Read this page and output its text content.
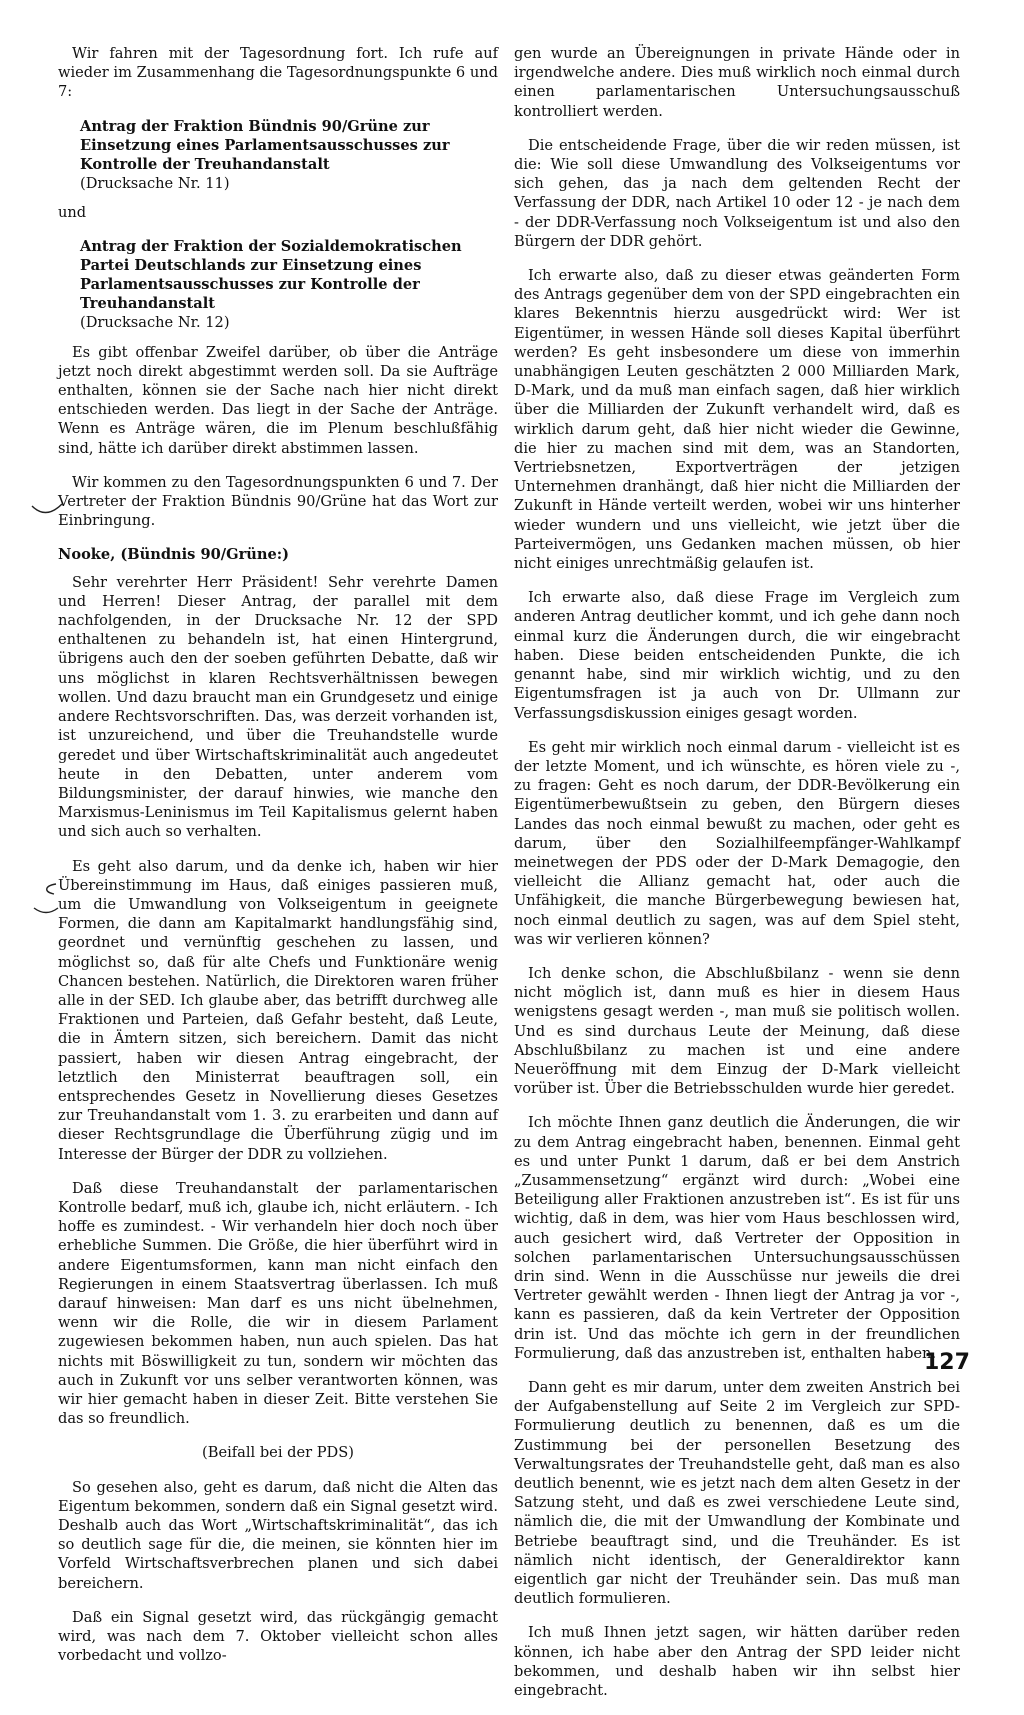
Wir fahren mit der Tagesordnung fort. Ich rufe auf wieder im Zusammenhang die Tagesordnungspunkte 6 und 7:

Antrag der Fraktion Bündnis 90/Grüne zur Einsetzung eines Parlamentsausschusses zur Kontrolle der Treuhandanstalt
(Drucksache Nr. 11)

und

Antrag der Fraktion der Sozialdemokratischen Partei Deutschlands zur Einsetzung eines Parlamentsausschusses zur Kontrolle der Treuhandanstalt
(Drucksache Nr. 12)

Es gibt offenbar Zweifel darüber, ob über die Anträge jetzt noch direkt abgestimmt werden soll. Da sie Aufträge enthalten, können sie der Sache nach hier nicht direkt entschieden werden. Das liegt in der Sache der Anträge. Wenn es Anträge wären, die im Plenum beschlußfähig sind, hätte ich darüber direkt abstimmen lassen.

Wir kommen zu den Tagesordnungspunkten 6 und 7. Der Vertreter der Fraktion Bündnis 90/Grüne hat das Wort zur Einbringung.

Nooke, (Bündnis 90/Grüne:)

Sehr verehrter Herr Präsident! Sehr verehrte Damen und Herren! Dieser Antrag, der parallel mit dem nachfolgenden, in der Drucksache Nr. 12 der SPD enthaltenen zu behandeln ist, hat einen Hintergrund, übrigens auch den der soeben geführten Debatte, daß wir uns möglichst in klaren Rechtsverhältnissen bewegen wollen. Und dazu braucht man ein Grundgesetz und einige andere Rechtsvorschriften. Das, was derzeit vorhanden ist, ist unzureichend, und über die Treuhandstelle wurde geredet und über Wirtschaftskriminalität auch angedeutet heute in den Debatten, unter anderem vom Bildungsminister, der darauf hinwies, wie manche den Marxismus-Leninismus im Teil Kapitalismus gelernt haben und sich auch so verhalten.

Es geht also darum, und da denke ich, haben wir hier Übereinstimmung im Haus, daß einiges passieren muß, um die Umwandlung von Volkseigentum in geeignete Formen, die dann am Kapitalmarkt handlungsfähig sind, geordnet und vernünftig geschehen zu lassen, und möglichst so, daß für alte Chefs und Funktionäre wenig Chancen bestehen. Natürlich, die Direktoren waren früher alle in der SED. Ich glaube aber, das betrifft durchweg alle Fraktionen und Parteien, daß Gefahr besteht, daß Leute, die in Ämtern sitzen, sich bereichern. Damit das nicht passiert, haben wir diesen Antrag eingebracht, der letztlich den Ministerrat beauftragen soll, ein entsprechendes Gesetz in Novellierung dieses Gesetzes zur Treuhandanstalt vom 1. 3. zu erarbeiten und dann auf dieser Rechtsgrundlage die Überführung zügig und im Interesse der Bürger der DDR zu vollziehen.

Daß diese Treuhandanstalt der parlamentarischen Kontrolle bedarf, muß ich, glaube ich, nicht erläutern. - Ich hoffe es zumindest. - Wir verhandeln hier doch noch über erhebliche Summen. Die Größe, die hier überführt wird in andere Eigentumsformen, kann man nicht einfach den Regierungen in einem Staatsvertrag überlassen. Ich muß darauf hinweisen: Man darf es uns nicht übelnehmen, wenn wir die Rolle, die wir in diesem Parlament zugewiesen bekommen haben, nun auch spielen. Das hat nichts mit Böswilligkeit zu tun, sondern wir möchten das auch in Zukunft vor uns selber verantworten können, was wir hier gemacht haben in dieser Zeit. Bitte verstehen Sie das so freundlich.

(Beifall bei der PDS)

So gesehen also, geht es darum, daß nicht die Alten das Eigentum bekommen, sondern daß ein Signal gesetzt wird. Deshalb auch das Wort „Wirtschaftskriminalität“, das ich so deutlich sage für die, die meinen, sie könnten hier im Vorfeld Wirtschaftsverbrechen planen und sich dabei bereichern.

Daß ein Signal gesetzt wird, das rückgängig gemacht wird, was nach dem 7. Oktober vielleicht schon alles vorbedacht und vollzo-

gen wurde an Übereignungen in private Hände oder in irgendwelche andere. Dies muß wirklich noch einmal durch einen parlamentarischen Untersuchungsausschuß kontrolliert werden.

Die entscheidende Frage, über die wir reden müssen, ist die: Wie soll diese Umwandlung des Volkseigentums vor sich gehen, das ja nach dem geltenden Recht der Verfassung der DDR, nach Artikel 10 oder 12 - je nach dem - der DDR-Verfassung noch Volkseigentum ist und also den Bürgern der DDR gehört.

Ich erwarte also, daß zu dieser etwas geänderten Form des Antrags gegenüber dem von der SPD eingebrachten ein klares Bekenntnis hierzu ausgedrückt wird: Wer ist Eigentümer, in wessen Hände soll dieses Kapital überführt werden? Es geht insbesondere um diese von immerhin unabhängigen Leuten geschätzten 2 000 Milliarden Mark, D-Mark, und da muß man einfach sagen, daß hier wirklich über die Milliarden der Zukunft verhandelt wird, daß es wirklich darum geht, daß hier nicht wieder die Gewinne, die hier zu machen sind mit dem, was an Standorten, Vertriebsnetzen, Exportverträgen der jetzigen Unternehmen dranhängt, daß hier nicht die Milliarden der Zukunft in Hände verteilt werden, wobei wir uns hinterher wieder wundern und uns vielleicht, wie jetzt über die Parteivermögen, uns Gedanken machen müssen, ob hier nicht einiges unrechtmäßig gelaufen ist.

Ich erwarte also, daß diese Frage im Vergleich zum anderen Antrag deutlicher kommt, und ich gehe dann noch einmal kurz die Änderungen durch, die wir eingebracht haben. Diese beiden entscheidenden Punkte, die ich genannt habe, sind mir wirklich wichtig, und zu den Eigentumsfragen ist ja auch von Dr. Ullmann zur Verfassungsdiskussion einiges gesagt worden.

Es geht mir wirklich noch einmal darum - vielleicht ist es der letzte Moment, und ich wünschte, es hören viele zu -, zu fragen: Geht es noch darum, der DDR-Bevölkerung ein Eigentümerbewußtsein zu geben, den Bürgern dieses Landes das noch einmal bewußt zu machen, oder geht es darum, über den Sozialhilfeempfänger-Wahlkampf meinetwegen der PDS oder der D-Mark Demagogie, den vielleicht die Allianz gemacht hat, oder auch die Unfähigkeit, die manche Bürgerbewegung bewiesen hat, noch einmal deutlich zu sagen, was auf dem Spiel steht, was wir verlieren können?

Ich denke schon, die Abschlußbilanz - wenn sie denn nicht möglich ist, dann muß es hier in diesem Haus wenigstens gesagt werden -, man muß sie politisch wollen. Und es sind durchaus Leute der Meinung, daß diese Abschlußbilanz zu machen ist und eine andere Neueröffnung mit dem Einzug der D-Mark vielleicht vorüber ist. Über die Betriebsschulden wurde hier geredet.

Ich möchte Ihnen ganz deutlich die Änderungen, die wir zu dem Antrag eingebracht haben, benennen. Einmal geht es und unter Punkt 1 darum, daß er bei dem Anstrich „Zusammensetzung“ ergänzt wird durch: „Wobei eine Beteiligung aller Fraktionen anzustreben ist“. Es ist für uns wichtig, daß in dem, was hier vom Haus beschlossen wird, auch gesichert wird, daß Vertreter der Opposition in solchen parlamentarischen Untersuchungsausschüssen drin sind. Wenn in die Ausschüsse nur jeweils die drei Vertreter gewählt werden - Ihnen liegt der Antrag ja vor -, kann es passieren, daß da kein Vertreter der Opposition drin ist. Und das möchte ich gern in der freundlichen Formulierung, daß das anzustreben ist, enthalten haben.

Dann geht es mir darum, unter dem zweiten Anstrich bei der Aufgabenstellung auf Seite 2 im Vergleich zur SPD-Formulierung deutlich zu benennen, daß es um die Zustimmung bei der personellen Besetzung des Verwaltungsrates der Treuhandstelle geht, daß man es also deutlich benennt, wie es jetzt nach dem alten Gesetz in der Satzung steht, und daß es zwei verschiedene Leute sind, nämlich die, die mit der Umwandlung der Kombinate und Betriebe beauftragt sind, und die Treuhänder. Es ist nämlich nicht identisch, der Generaldirektor kann eigentlich gar nicht der Treuhänder sein. Das muß man deutlich formulieren.

Ich muß Ihnen jetzt sagen, wir hätten darüber reden können, ich habe aber den Antrag der SPD leider nicht bekommen, und deshalb haben wir ihn selbst hier eingebracht.

127
